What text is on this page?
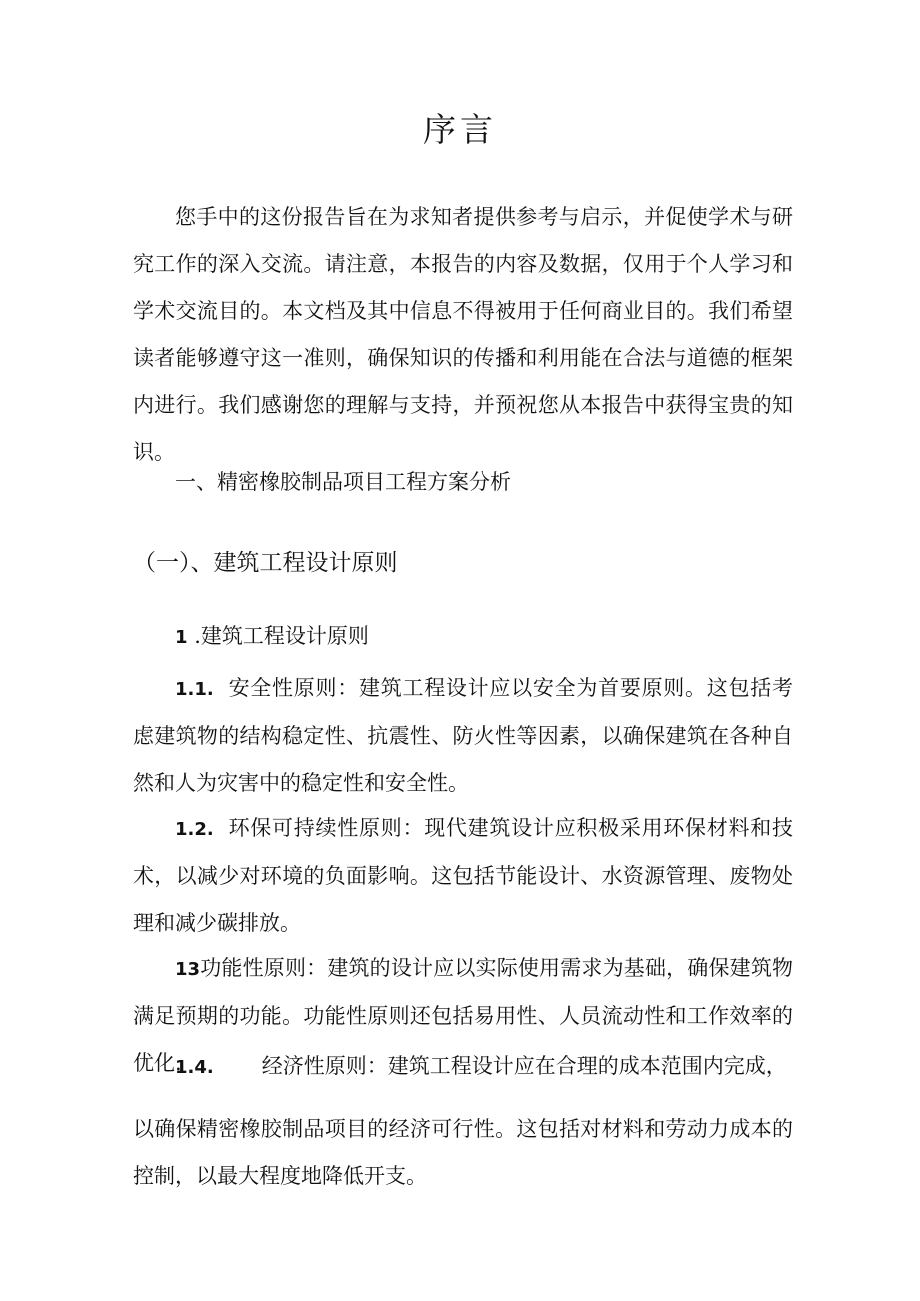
序言
您手中的这份报告旨在为求知者提供参考与启示，并促使学术与研究工作的深入交流。请注意，本报告的内容及数据，仅用于个人学习和学术交流目的。本文档及其中信息不得被用于任何商业目的。我们希望读者能够遵守这一准则，确保知识的传播和利用能在合法与道德的框架内进行。我们感谢您的理解与支持，并预祝您从本报告中获得宝贵的知识。
一、精密橡胶制品项目工程方案分析
（一）、建筑工程设计原则
1 .建筑工程设计原则
1.1. 安全性原则：建筑工程设计应以安全为首要原则。这包括考虑建筑物的结构稳定性、抗震性、防火性等因素，以确保建筑在各种自然和人为灾害中的稳定性和安全性。
1.2. 环保可持续性原则：现代建筑设计应积极采用环保材料和技术，以减少对环境的负面影响。这包括节能设计、水资源管理、废物处理和减少碳排放。
13功能性原则：建筑的设计应以实际使用需求为基础，确保建筑物满足预期的功能。功能性原则还包括易用性、人员流动性和工作效率的优化.
1.4. 经济性原则：建筑工程设计应在合理的成本范围内完成，
以确保精密橡胶制品项目的经济可行性。这包括对材料和劳动力成本的控制，以最大程度地降低开支。
